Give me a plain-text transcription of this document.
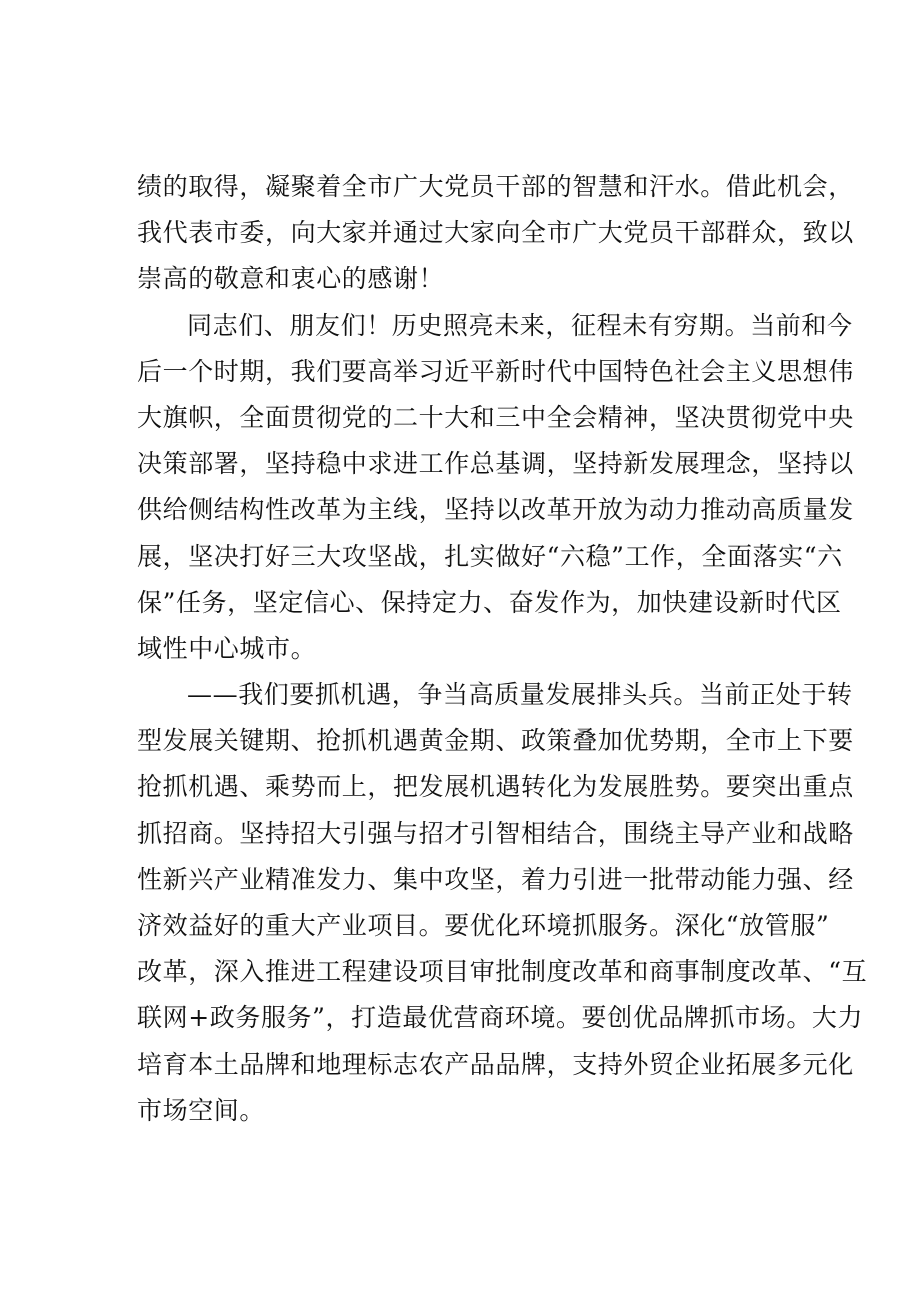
绩的取得，凝聚着全市广大党员干部的智慧和汗水。借此机会，
我代表市委，向大家并通过大家向全市广大党员干部群众，致以
崇高的敬意和衷心的感谢！
同志们、朋友们！历史照亮未来，征程未有穷期。当前和今
后一个时期，我们要高举习近平新时代中国特色社会主义思想伟
大旗帜，全面贯彻党的二十大和三中全会精神，坚决贯彻党中央
决策部署，坚持稳中求进工作总基调，坚持新发展理念，坚持以
供给侧结构性改革为主线，坚持以改革开放为动力推动高质量发
展，坚决打好三大攻坚战，扎实做好“六稳”工作，全面落实“六
保”任务，坚定信心、保持定力、奋发作为，加快建设新时代区
域性中心城市。
——我们要抓机遇，争当高质量发展排头兵。当前正处于转
型发展关键期、抢抓机遇黄金期、政策叠加优势期，全市上下要
抢抓机遇、乘势而上，把发展机遇转化为发展胜势。要突出重点
抓招商。坚持招大引强与招才引智相结合，围绕主导产业和战略
性新兴产业精准发力、集中攻坚，着力引进一批带动能力强、经
济效益好的重大产业项目。要优化环境抓服务。深化“放管服”
改革，深入推进工程建设项目审批制度改革和商事制度改革、“互
联网+政务服务”，打造最优营商环境。要创优品牌抓市场。大力
培育本土品牌和地理标志农产品品牌，支持外贸企业拓展多元化
市场空间。
